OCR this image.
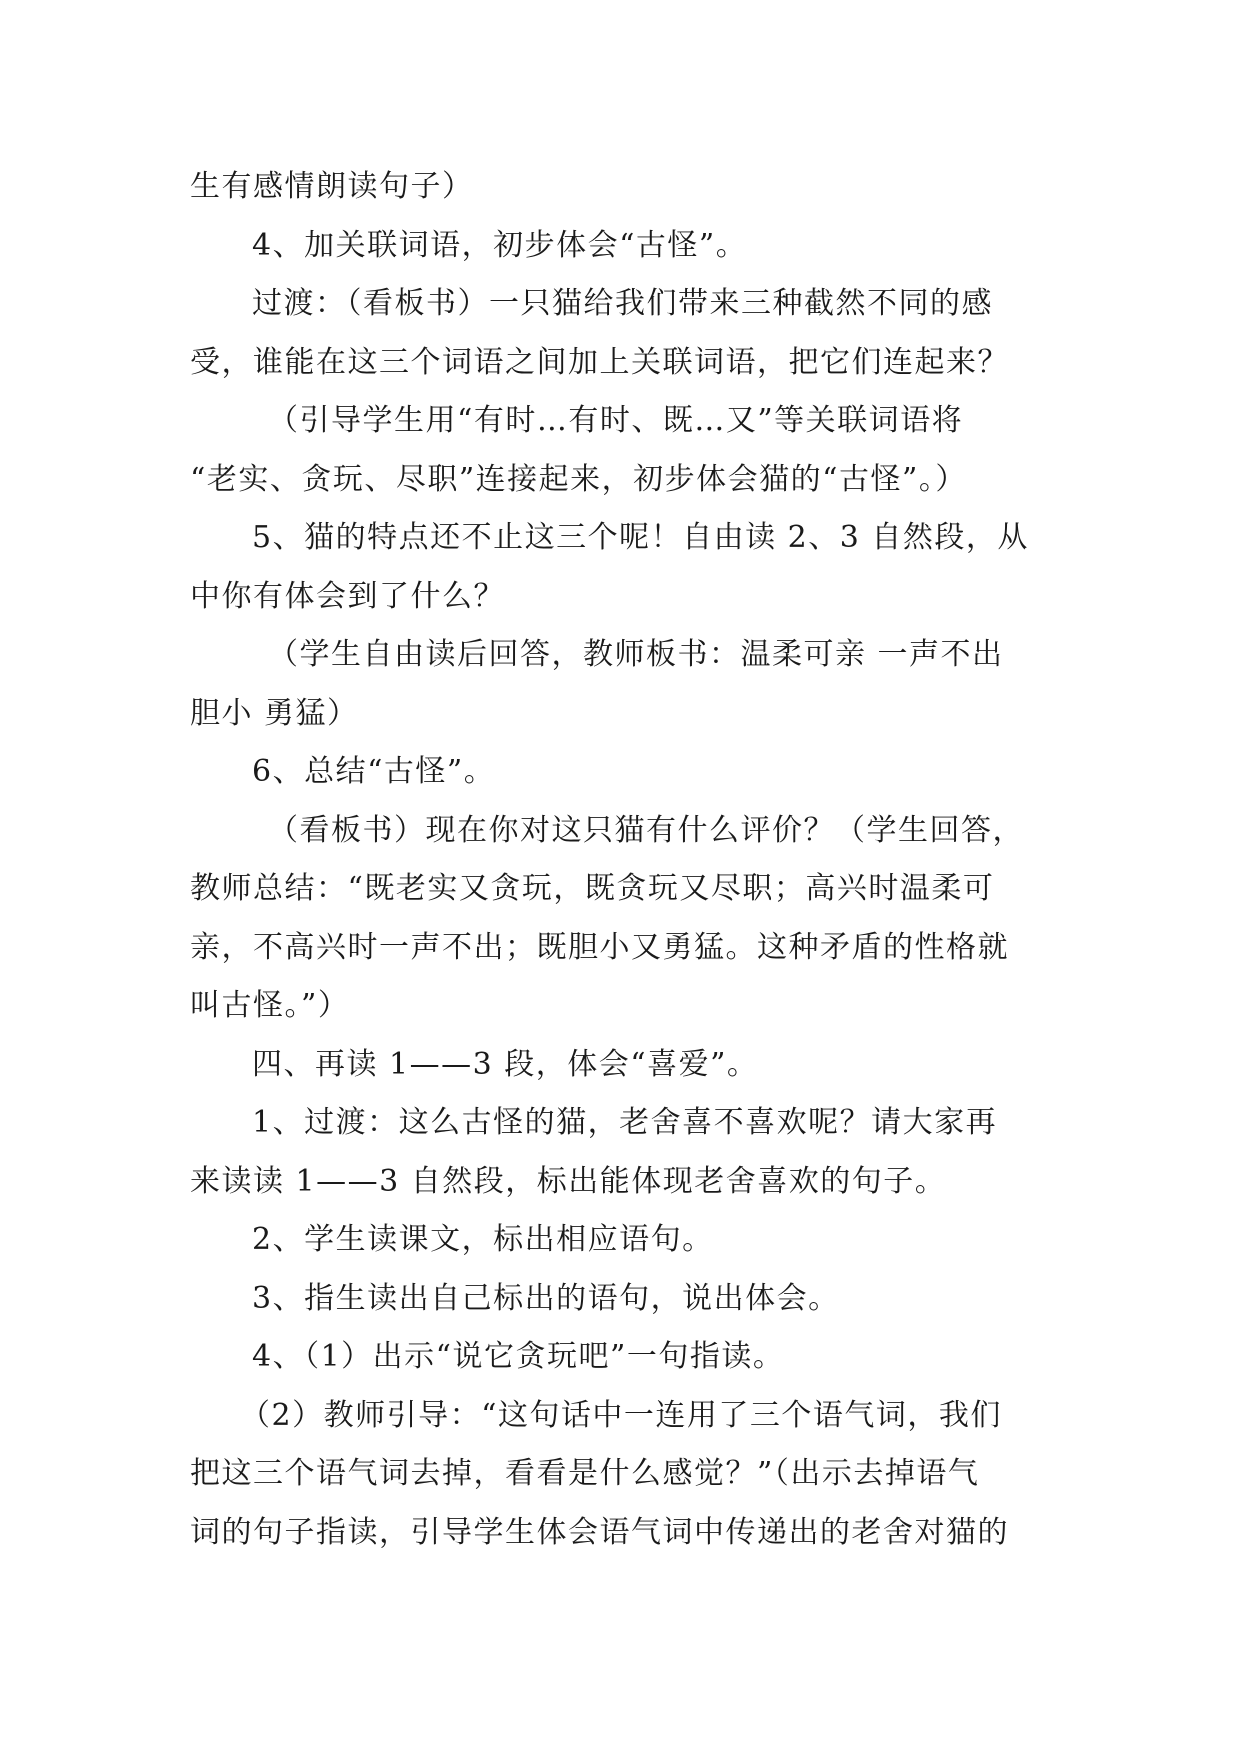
生有感情朗读句子）
4、加关联词语，初步体会“古怪”。
过渡：（看板书）一只猫给我们带来三种截然不同的感
受，谁能在这三个词语之间加上关联词语，把它们连起来？
（引导学生用“有时…有时、既…又”等关联词语将
“老实、贪玩、尽职”连接起来，初步体会猫的“古怪”。）
5、猫的特点还不止这三个呢！自由读 2、3 自然段，从
中你有体会到了什么？
（学生自由读后回答，教师板书：温柔可亲 一声不出
胆小 勇猛）
6、总结“古怪”。
（看板书）现在你对这只猫有什么评价？（学生回答，
教师总结：“既老实又贪玩，既贪玩又尽职；高兴时温柔可
亲，不高兴时一声不出；既胆小又勇猛。这种矛盾的性格就
叫古怪。”）
四、再读 1——3 段，体会“喜爱”。
1、过渡：这么古怪的猫，老舍喜不喜欢呢？请大家再
来读读 1——3 自然段，标出能体现老舍喜欢的句子。
2、学生读课文，标出相应语句。
3、指生读出自己标出的语句，说出体会。
4、（1）出示“说它贪玩吧”一句指读。
（2）教师引导：“这句话中一连用了三个语气词，我们
把这三个语气词去掉，看看是什么感觉？”（出示去掉语气
词的句子指读，引导学生体会语气词中传递出的老舍对猫的
